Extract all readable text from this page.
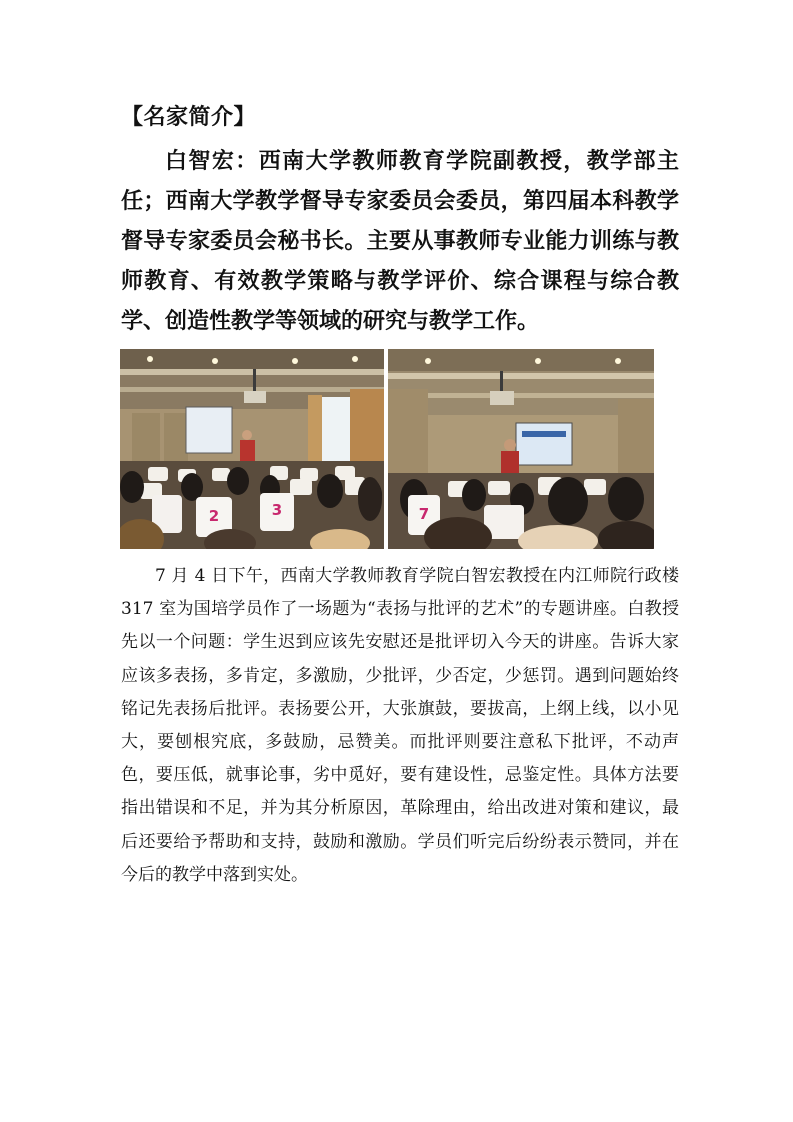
【名家简介】

白智宏：西南大学教师教育学院副教授，教学部主任；西南大学教学督导专家委员会委员，第四届本科教学督导专家委员会秘书长。主要从事教师专业能力训练与教师教育、有效教学策略与教学评价、综合课程与综合教学、创造性教学等领域的研究与教学工作。

2	3	7

7 月 4 日下午，西南大学教师教育学院白智宏教授在内江师院行政楼 317 室为国培学员作了一场题为“表扬与批评的艺术”的专题讲座。白教授先以一个问题：学生迟到应该先安慰还是批评切入今天的讲座。告诉大家应该多表扬，多肯定，多激励，少批评，少否定，少惩罚。遇到问题始终铭记先表扬后批评。表扬要公开，大张旗鼓，要拔高，上纲上线，以小见大，要刨根究底，多鼓励，忌赞美。而批评则要注意私下批评，不动声色，要压低，就事论事，劣中觅好，要有建设性，忌鉴定性。具体方法要指出错误和不足，并为其分析原因，革除理由，给出改进对策和建议，最后还要给予帮助和支持，鼓励和激励。学员们听完后纷纷表示赞同，并在今后的教学中落到实处。
